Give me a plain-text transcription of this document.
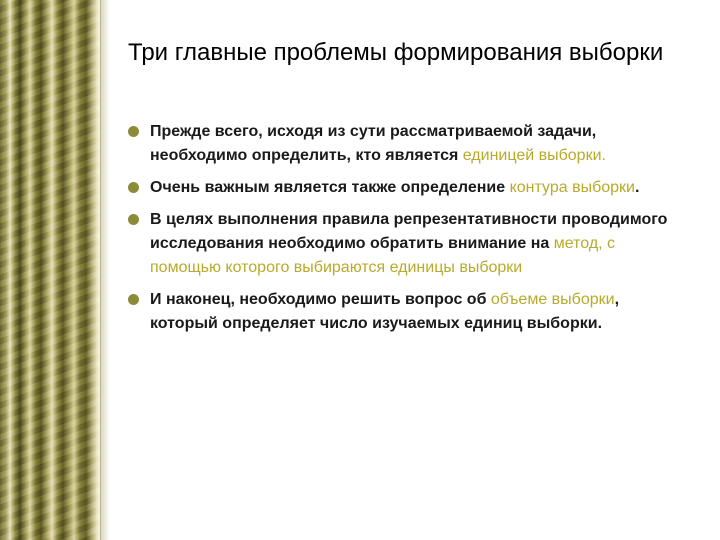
Три главные проблемы формирования выборки
Прежде всего, исходя из сути рассматриваемой задачи, необходимо определить, кто является единицей выборки.
Очень важным является также определение контура выборки.
В целях выполнения правила репрезентативности проводимого исследования необходимо обратить внимание на метод, с помощью которого выбираются единицы выборки
И наконец, необходимо решить вопрос об объеме выборки, который определяет число изучаемых единиц выборки.
